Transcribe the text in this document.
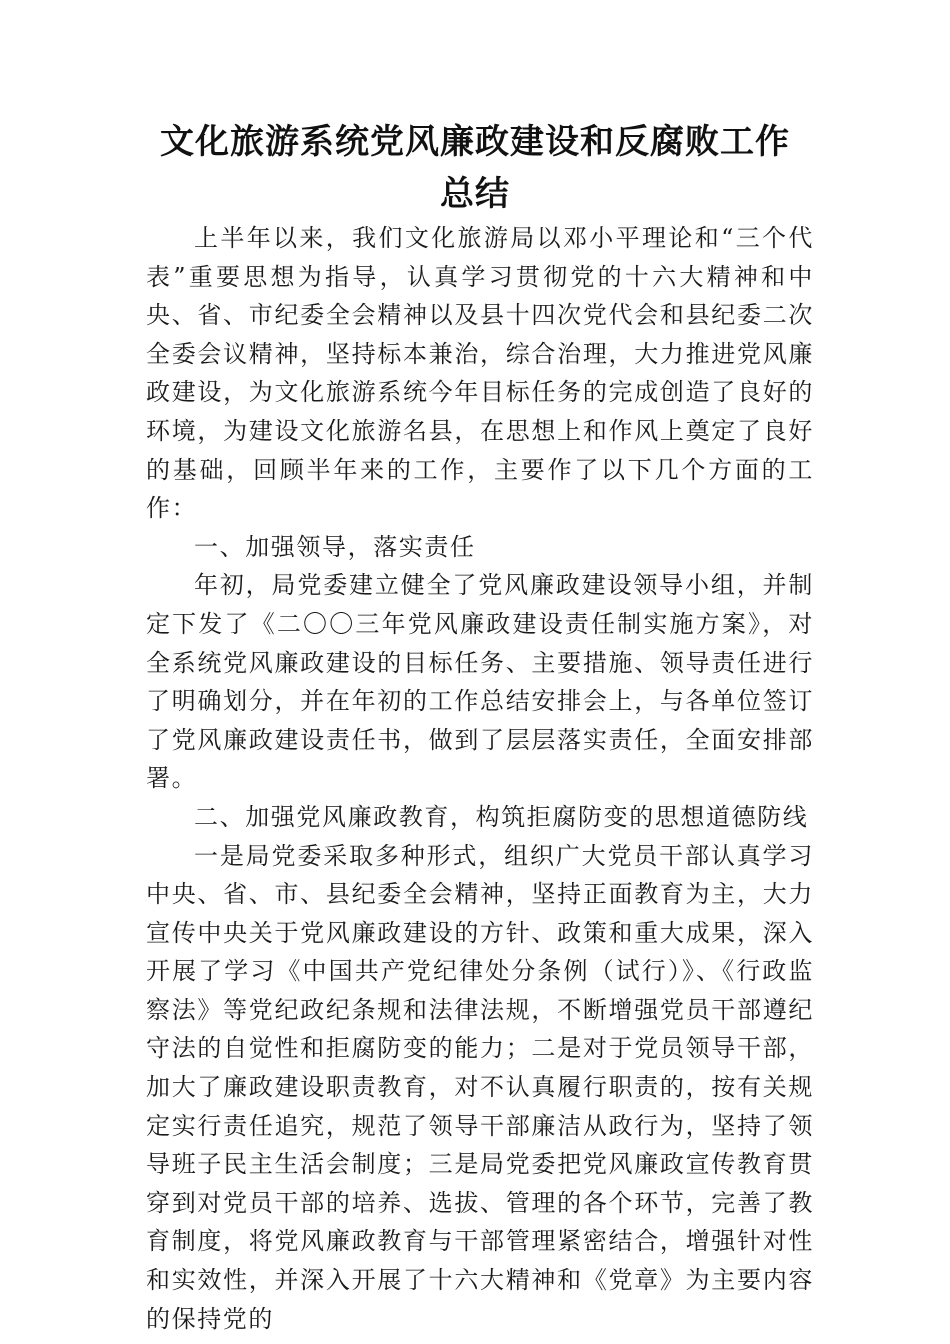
文化旅游系统党风廉政建设和反腐败工作总结

上半年以来，我们文化旅游局以邓小平理论和“三个代表”重要思想为指导，认真学习贯彻党的十六大精神和中央、省、市纪委全会精神以及县十四次党代会和县纪委二次全委会议精神，坚持标本兼治，综合治理，大力推进党风廉政建设，为文化旅游系统今年目标任务的完成创造了良好的环境，为建设文化旅游名县，在思想上和作风上奠定了良好的基础，回顾半年来的工作，主要作了以下几个方面的工作：

一、加强领导，落实责任

年初，局党委建立健全了党风廉政建设领导小组，并制定下发了《二〇〇三年党风廉政建设责任制实施方案》，对全系统党风廉政建设的目标任务、主要措施、领导责任进行了明确划分，并在年初的工作总结安排会上，与各单位签订了党风廉政建设责任书，做到了层层落实责任，全面安排部署。

二、加强党风廉政教育，构筑拒腐防变的思想道德防线

一是局党委采取多种形式，组织广大党员干部认真学习中央、省、市、县纪委全会精神，坚持正面教育为主，大力宣传中央关于党风廉政建设的方针、政策和重大成果，深入开展了学习《中国共产党纪律处分条例（试行）》、《行政监察法》等党纪政纪条规和法律法规，不断增强党员干部遵纪守法的自觉性和拒腐防变的能力；二是对于党员领导干部，加大了廉政建设职责教育，对不认真履行职责的，按有关规定实行责任追究，规范了领导干部廉洁从政行为，坚持了领导班子民主生活会制度；三是局党委把党风廉政宣传教育贯穿到对党员干部的培养、选拔、管理的各个环节，完善了教育制度，将党风廉政教育与干部管理紧密结合，增强针对性和实效性，并深入开展了十六大精神和《党章》为主要内容的保持党的
